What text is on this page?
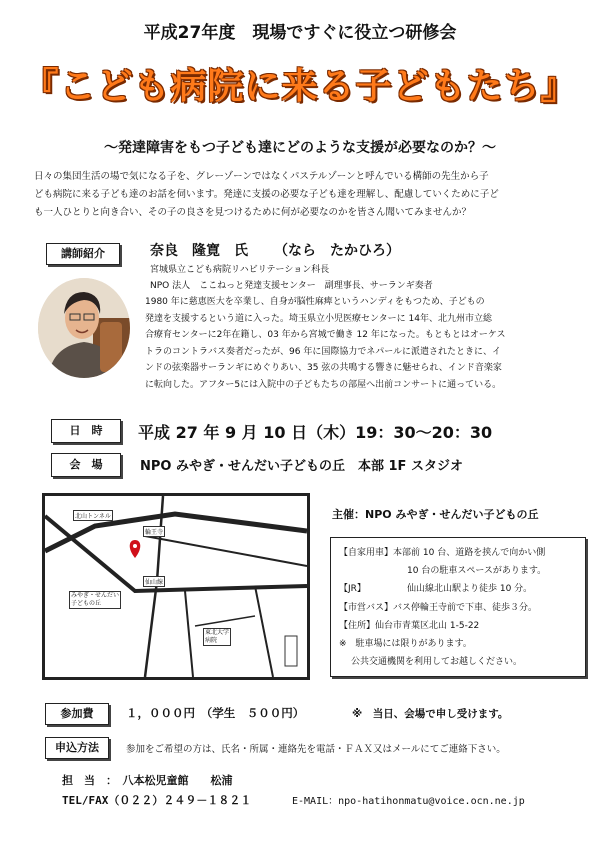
平成27年度　現場ですぐに役立つ研修会
『こども病院に来る子どもたち』
～発達障害をもつ子ども達にどのような支援が必要なのか？～
日々の集団生活の場で気になる子を、グレーゾーンではなくパステルゾーンと呼んでいる構師の先生から子
ども病院に来る子ども達のお話を伺います。発達に支援の必要な子ども達を理解し、配慮していくために子ど
も一人ひとりと向き合い、その子の良さを見つけるために何が必要なのかを皆さん聞いてみませんか？
講師紹介	奈良　隆寛　氏 （なら　たかひろ）
宮城県立こども病院リハビリテーション科長
NPO 法人　ここねっと発達支援センター　副理事長、サーランギ奏者
1980 年に慈恵医大を卒業し、自身が脳性麻痺というハンディをもつため、子どもの
発達を支援するという道に入った。埼玉県立小児医療センターに 14年、北九州市立総
合療育センターに2年在籍し、03 年から宮城で働き 12 年になった。もともとはオーケス
トラのコントラバス奏者だったが、96 年に国際協力でネパールに派遣されたときに、イ
ンドの弦楽器サーランギにめぐりあい、35 弦の共鳴する響きに魅せられ、インド音楽家
に転向した。アフター5には入院中の子どもたちの部屋へ出前コンサートに通っている。
日　時	平成 27 年 9 月 10 日（木）19：30～20：30
会　場	NPO みやぎ・せんだい子どもの丘　本部 1F スタジオ
北山トンネル
輪王寺
仙山線
みやぎ・せんだい子どもの丘
東北大学病院
主催：NPO みやぎ・せんだい子どもの丘
【自家用車】本部前 10 台、道路を挟んで向かい側
10 台の駐車スペースがあります。
【JR】	仙山線北山駅より徒歩 10 分。
【市営バス】バス停輪王寺前で下車、徒歩３分。
【住所】仙台市青葉区北山 1-5-22
※　駐車場には限りがあります。
公共交通機関を利用してお越しください。
参加費	１，０００円　（学生　５００円）	※　当日、会場で申し受けます。
申込方法	参加をご希望の方は、氏名・所属・連絡先を電話・ＦＡＸ又はメールにてご連絡下さい。
担　当　：　八本松児童館　　松浦
TEL/FAX（０２２）２４９－１８２１	E-MAIL：npo-hatihonmatu@voice.ocn.ne.jp
